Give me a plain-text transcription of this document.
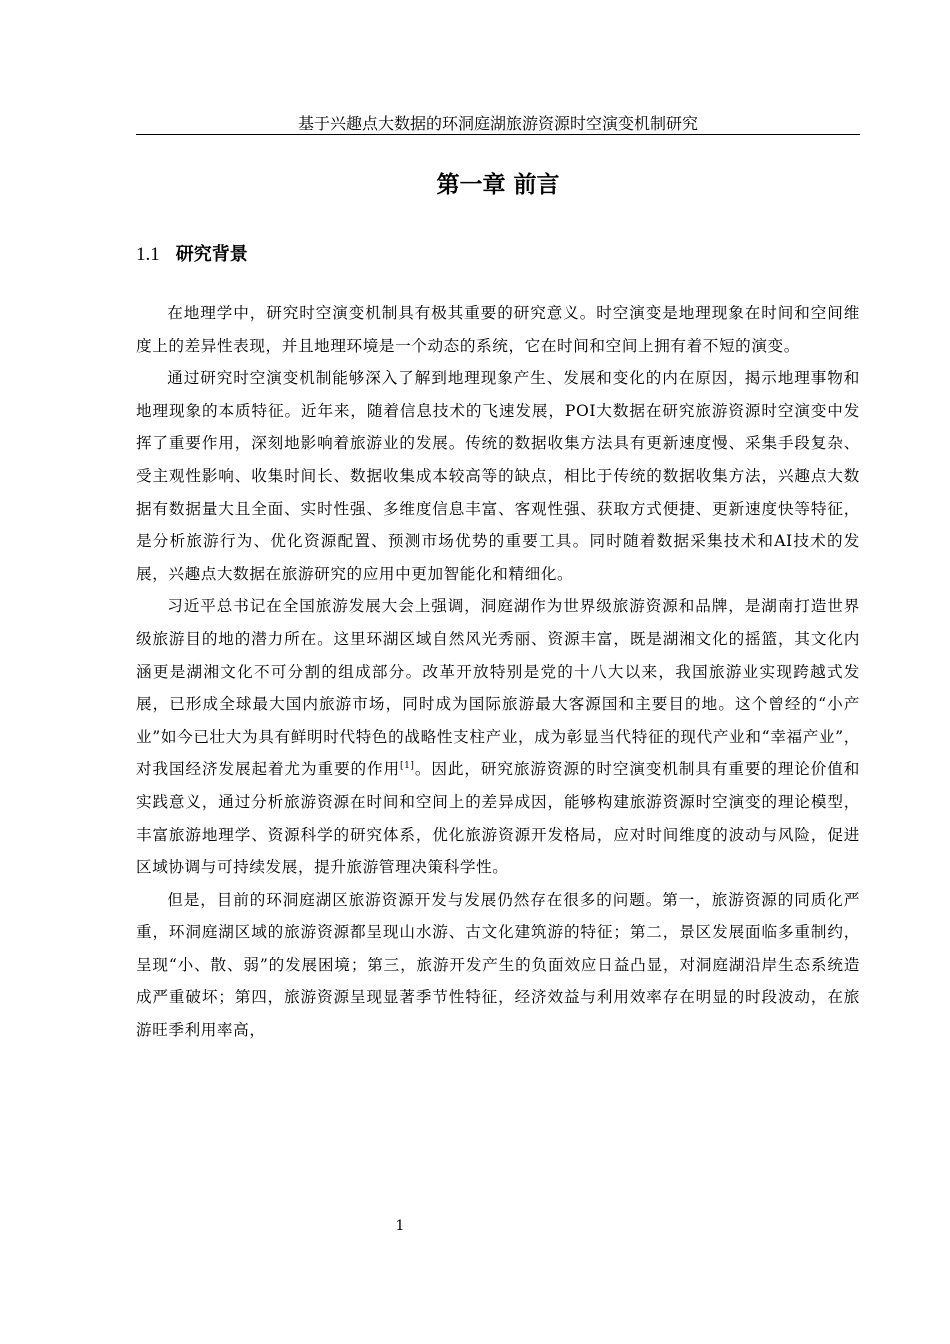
基于兴趣点大数据的环洞庭湖旅游资源时空演变机制研究
第一章 前言
1.1 研究背景

在地理学中，研究时空演变机制具有极其重要的研究意义。时空演变是地理现象在时间和空间维度上的差异性表现，并且地理环境是一个动态的系统，它在时间和空间上拥有着不短的演变。

通过研究时空演变机制能够深入了解到地理现象产生、发展和变化的内在原因，揭示地理事物和地理现象的本质特征。近年来，随着信息技术的飞速发展，POI大数据在研究旅游资源时空演变中发挥了重要作用，深刻地影响着旅游业的发展。传统的数据收集方法具有更新速度慢、采集手段复杂、受主观性影响、收集时间长、数据收集成本较高等的缺点，相比于传统的数据收集方法，兴趣点大数据有数据量大且全面、实时性强、多维度信息丰富、客观性强、获取方式便捷、更新速度快等特征，是分析旅游行为、优化资源配置、预测市场优势的重要工具。同时随着数据采集技术和AI技术的发展，兴趣点大数据在旅游研究的应用中更加智能化和精细化。

习近平总书记在全国旅游发展大会上强调，洞庭湖作为世界级旅游资源和品牌，是湖南打造世界级旅游目的地的潜力所在。这里环湖区域自然风光秀丽、资源丰富，既是湖湘文化的摇篮，其文化内涵更是湖湘文化不可分割的组成部分。改革开放特别是党的十八大以来，我国旅游业实现跨越式发展，已形成全球最大国内旅游市场，同时成为国际旅游最大客源国和主要目的地。这个曾经的“小产业”如今已壮大为具有鲜明时代特色的战略性支柱产业，成为彰显当代特征的现代产业和“幸福产业”，对我国经济发展起着尤为重要的作用[1]。因此，研究旅游资源的时空演变机制具有重要的理论价值和实践意义，通过分析旅游资源在时间和空间上的差异成因，能够构建旅游资源时空演变的理论模型，丰富旅游地理学、资源科学的研究体系，优化旅游资源开发格局，应对时间维度的波动与风险，促进区域协调与可持续发展，提升旅游管理决策科学性。

但是，目前的环洞庭湖区旅游资源开发与发展仍然存在很多的问题。第一，旅游资源的同质化严重，环洞庭湖区域的旅游资源都呈现山水游、古文化建筑游的特征；第二，景区发展面临多重制约，呈现“小、散、弱”的发展困境；第三，旅游开发产生的负面效应日益凸显，对洞庭湖沿岸生态系统造成严重破坏；第四，旅游资源呈现显著季节性特征，经济效益与利用效率存在明显的时段波动，在旅游旺季利用率高，

1
